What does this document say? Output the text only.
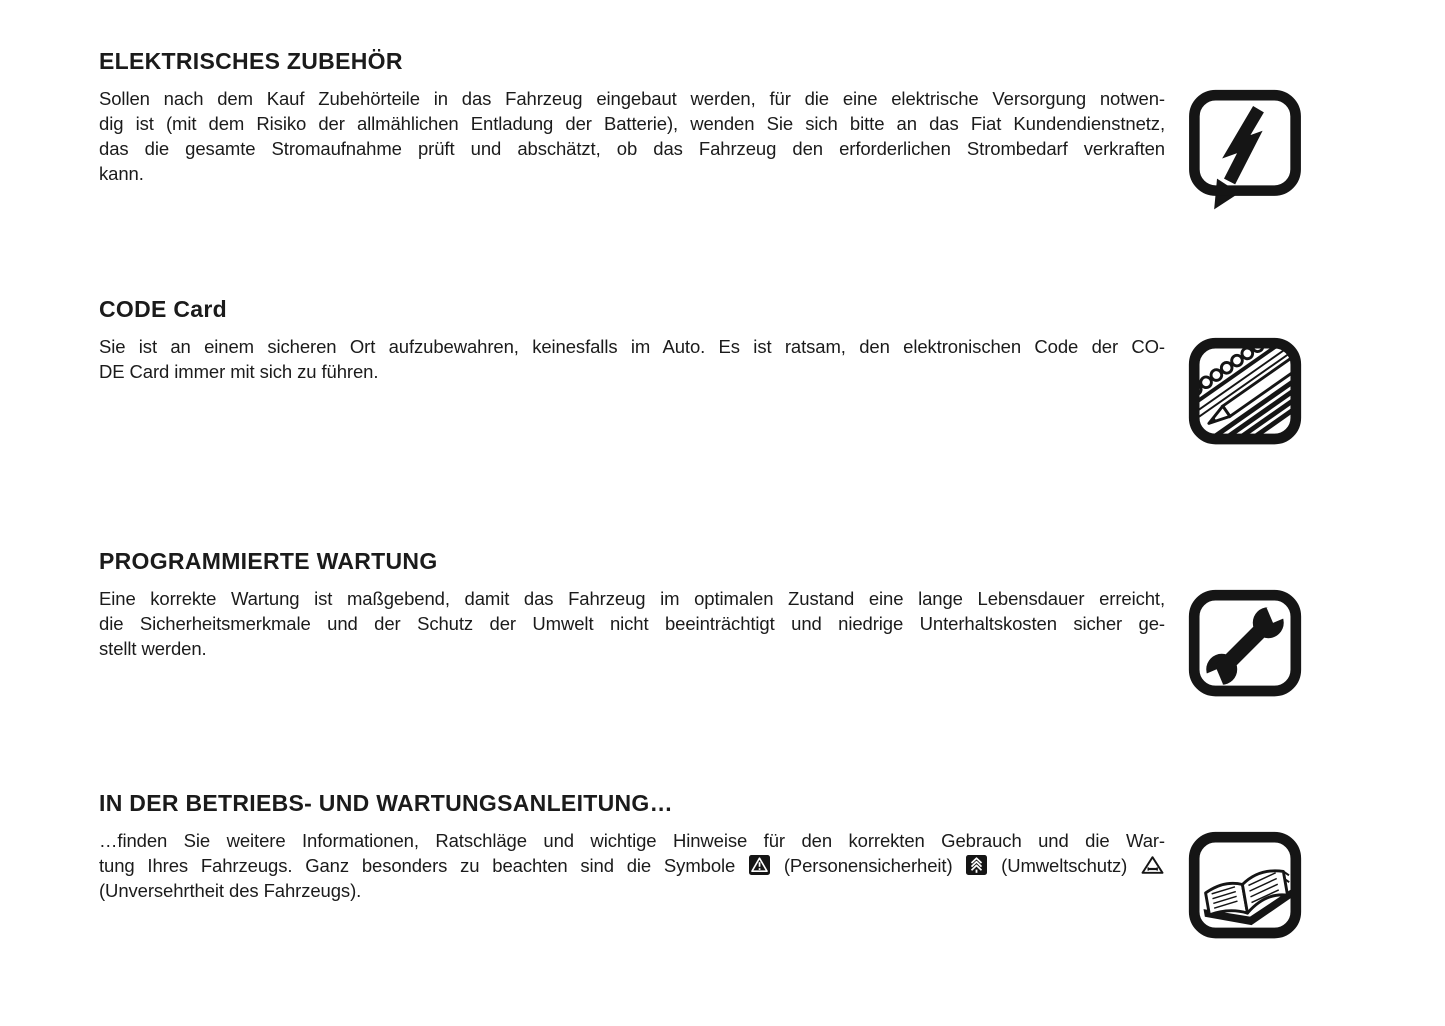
ELEKTRISCHES ZUBEHÖR
Sollen nach dem Kauf Zubehörteile in das Fahrzeug eingebaut werden, für die eine elektrische Versorgung notwen-
dig ist (mit dem Risiko der allmählichen Entladung der Batterie), wenden Sie sich bitte an das Fiat Kundendienstnetz,
das die gesamte Stromaufnahme prüft und abschätzt, ob das Fahrzeug den erforderlichen Strombedarf verkraften
kann.
CODE Card
Sie ist an einem sicheren Ort aufzubewahren, keinesfalls im Auto. Es ist ratsam, den elektronischen Code der CO-
DE Card immer mit sich zu führen.
PROGRAMMIERTE WARTUNG
Eine korrekte Wartung ist maßgebend, damit das Fahrzeug im optimalen Zustand eine lange Lebensdauer erreicht,
die Sicherheitsmerkmale und der Schutz der Umwelt nicht beeinträchtigt und niedrige Unterhaltskosten sicher ge-
stellt werden.
IN DER BETRIEBS- UND WARTUNGSANLEITUNG…
…finden Sie weitere Informationen, Ratschläge und wichtige Hinweise für den korrekten Gebrauch und die War-
tung Ihres Fahrzeugs. Ganz besonders zu beachten sind die Symbole  (Personensicherheit)  (Umweltschutz)
(Unversehrtheit des Fahrzeugs).
